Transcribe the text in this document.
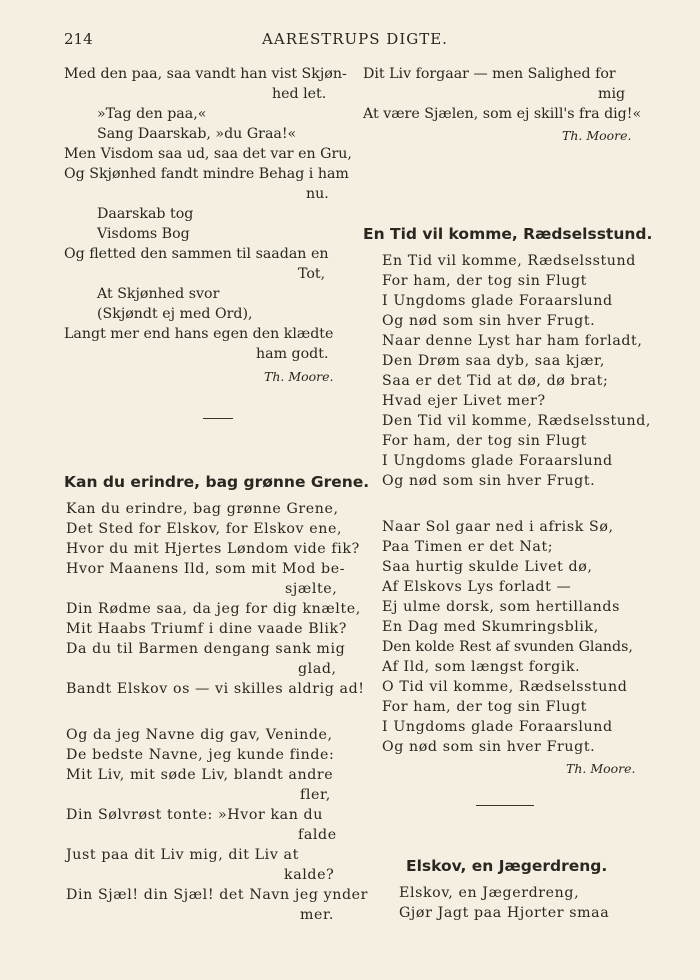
214	AARESTRUPS DIGTE.
Med den paa, saa vandt han vist Skjøn-
hed let.
»Tag den paa,«
Sang Daarskab, »du Graa!«
Men Visdom saa ud, saa det var en Gru,
Og Skjønhed fandt mindre Behag i ham
nu.
Daarskab tog
Visdoms Bog
Og fletted den sammen til saadan en
Tot,
At Skjønhed svor
(Skjøndt ej med Ord),
Langt mer end hans egen den klædte
ham godt.
Th. Moore.
Kan du erindre, bag grønne Grene.
Kan du erindre, bag grønne Grene,
Det Sted for Elskov, for Elskov ene,
Hvor du mit Hjertes Løndom vide fik?
Hvor Maanens Ild, som mit Mod be-
sjælte,
Din Rødme saa, da jeg for dig knælte,
Mit Haabs Triumf i dine vaade Blik?
Da du til Barmen dengang sank mig
glad,
Bandt Elskov os — vi skilles aldrig ad!
Og da jeg Navne dig gav, Veninde,
De bedste Navne, jeg kunde finde:
Mit Liv, mit søde Liv, blandt andre
fler,
Din Sølvrøst tonte: »Hvor kan du
falde
Just paa dit Liv mig, dit Liv at
kalde?
Din Sjæl! din Sjæl! det Navn jeg ynder
mer.
Dit Liv forgaar — men Salighed for
mig
At være Sjælen, som ej skill's fra dig!«
Th. Moore.
En Tid vil komme, Rædselsstund.
En Tid vil komme, Rædselsstund
For ham, der tog sin Flugt
I Ungdoms glade Foraarslund
Og nød som sin hver Frugt.
Naar denne Lyst har ham forladt,
Den Drøm saa dyb, saa kjær,
Saa er det Tid at dø, dø brat;
Hvad ejer Livet mer?
Den Tid vil komme, Rædselsstund,
For ham, der tog sin Flugt
I Ungdoms glade Foraarslund
Og nød som sin hver Frugt.
Naar Sol gaar ned i afrisk Sø,
Paa Timen er det Nat;
Saa hurtig skulde Livet dø,
Af Elskovs Lys forladt —
Ej ulme dorsk, som hertillands
En Dag med Skumringsblik,
Den kolde Rest af svunden Glands,
Af Ild, som længst forgik.
O Tid vil komme, Rædselsstund
For ham, der tog sin Flugt
I Ungdoms glade Foraarslund
Og nød som sin hver Frugt.
Th. Moore.
Elskov, en Jægerdreng.
Elskov, en Jægerdreng,
Gjør Jagt paa Hjorter smaa
